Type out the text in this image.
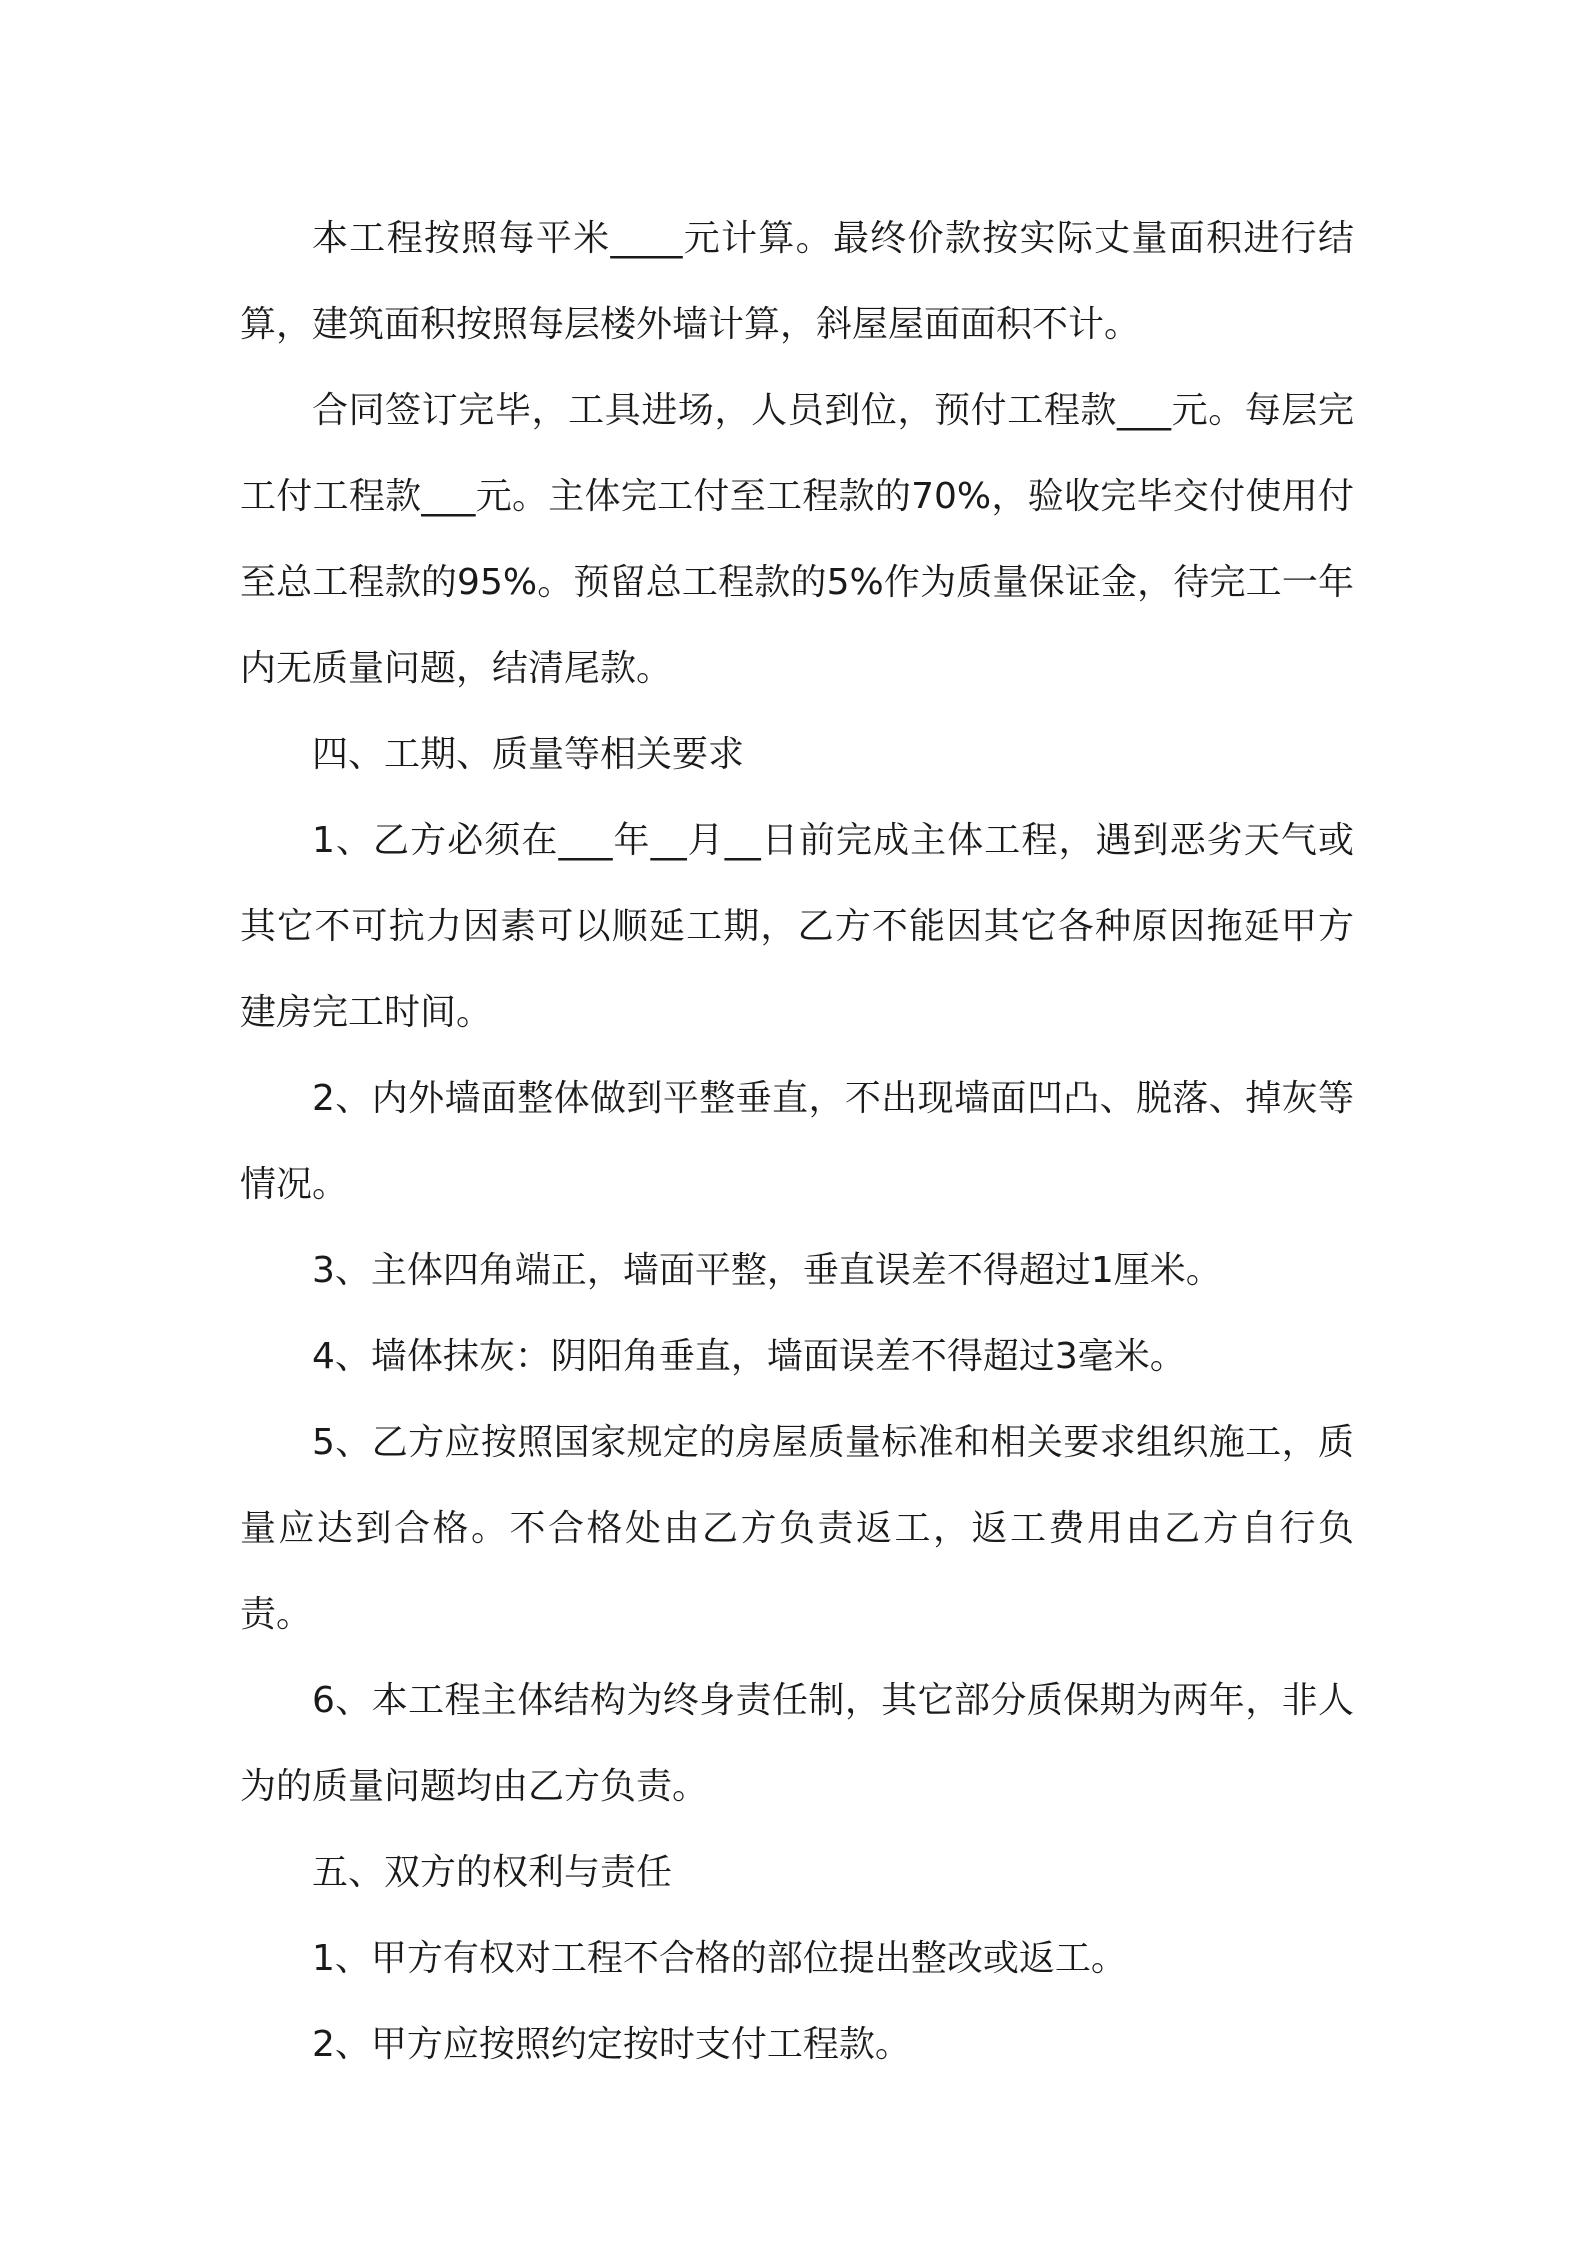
本工程按照每平米____元计算。最终价款按实际丈量面积进行结算，建筑面积按照每层楼外墙计算，斜屋屋面面积不计。

合同签订完毕，工具进场，人员到位，预付工程款___元。每层完工付工程款___元。主体完工付至工程款的70%，验收完毕交付使用付至总工程款的95%。预留总工程款的5%作为质量保证金，待完工一年内无质量问题，结清尾款。

四、工期、质量等相关要求

1、乙方必须在___年__月__日前完成主体工程，遇到恶劣天气或其它不可抗力因素可以顺延工期，乙方不能因其它各种原因拖延甲方建房完工时间。

2、内外墙面整体做到平整垂直，不出现墙面凹凸、脱落、掉灰等情况。

3、主体四角端正，墙面平整，垂直误差不得超过1厘米。

4、墙体抹灰：阴阳角垂直，墙面误差不得超过3毫米。

5、乙方应按照国家规定的房屋质量标准和相关要求组织施工，质量应达到合格。不合格处由乙方负责返工，返工费用由乙方自行负责。

6、本工程主体结构为终身责任制，其它部分质保期为两年，非人为的质量问题均由乙方负责。

五、双方的权利与责任

1、甲方有权对工程不合格的部位提出整改或返工。

2、甲方应按照约定按时支付工程款。
